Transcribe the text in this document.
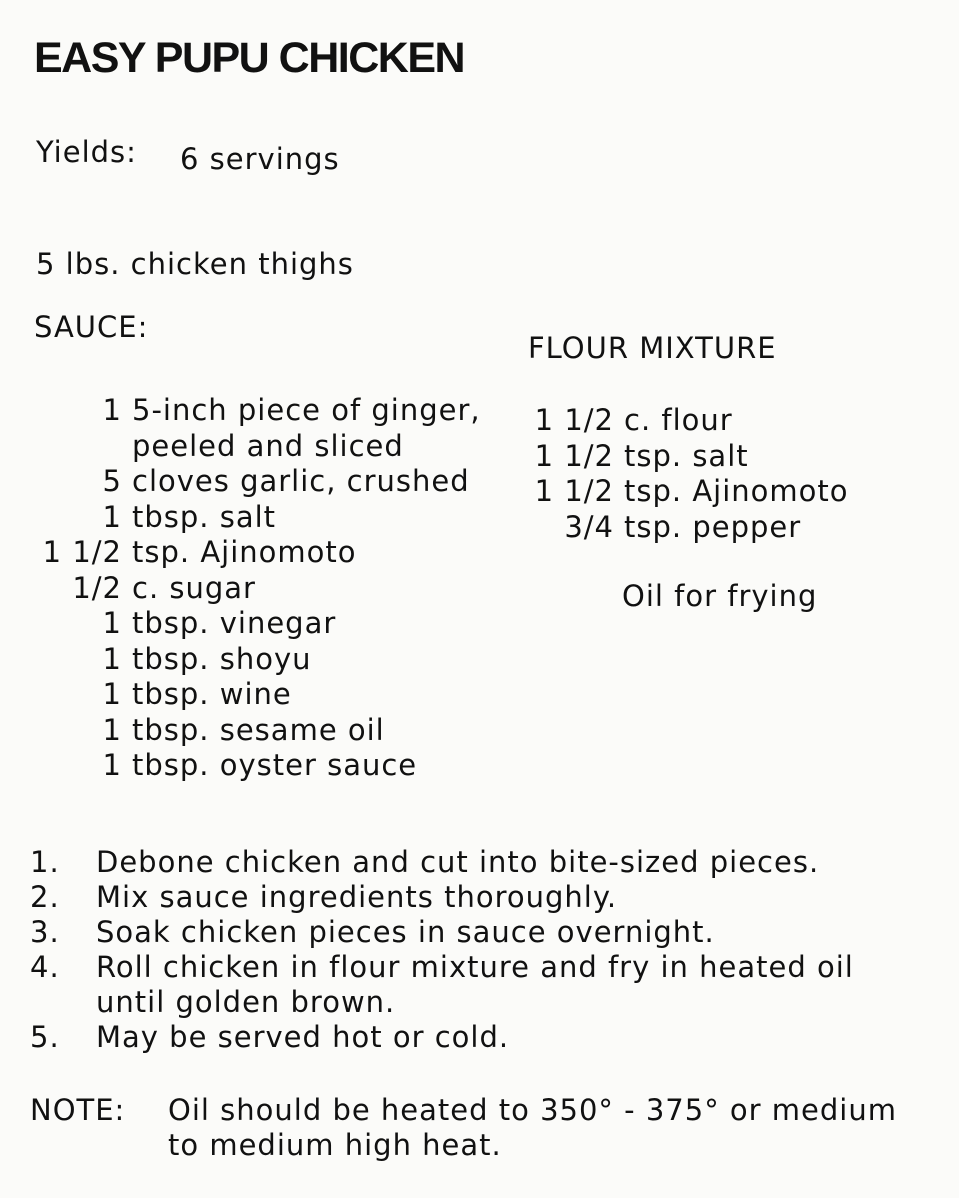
EASY PUPU CHICKEN
Yields: 6 servings
5 lbs. chicken thighs
SAUCE:
FLOUR MIXTURE
1 5-inch piece of ginger,
peeled and sliced
5 cloves garlic, crushed
1 tbsp. salt
1 1/2 tsp. Ajinomoto
1/2 c. sugar
1 tbsp. vinegar
1 tbsp. shoyu
1 tbsp. wine
1 tbsp. sesame oil
1 tbsp. oyster sauce
1 1/2 c. flour
1 1/2 tsp. salt
1 1/2 tsp. Ajinomoto
3/4 tsp. pepper
Oil for frying
1.	Debone chicken and cut into bite-sized pieces.
2.	Mix sauce ingredients thoroughly.
3.	Soak chicken pieces in sauce overnight.
4.	Roll chicken in flour mixture and fry in heated oil
until golden brown.
5.	May be served hot or cold.
NOTE:	Oil should be heated to 350° - 375° or medium
to medium high heat.
